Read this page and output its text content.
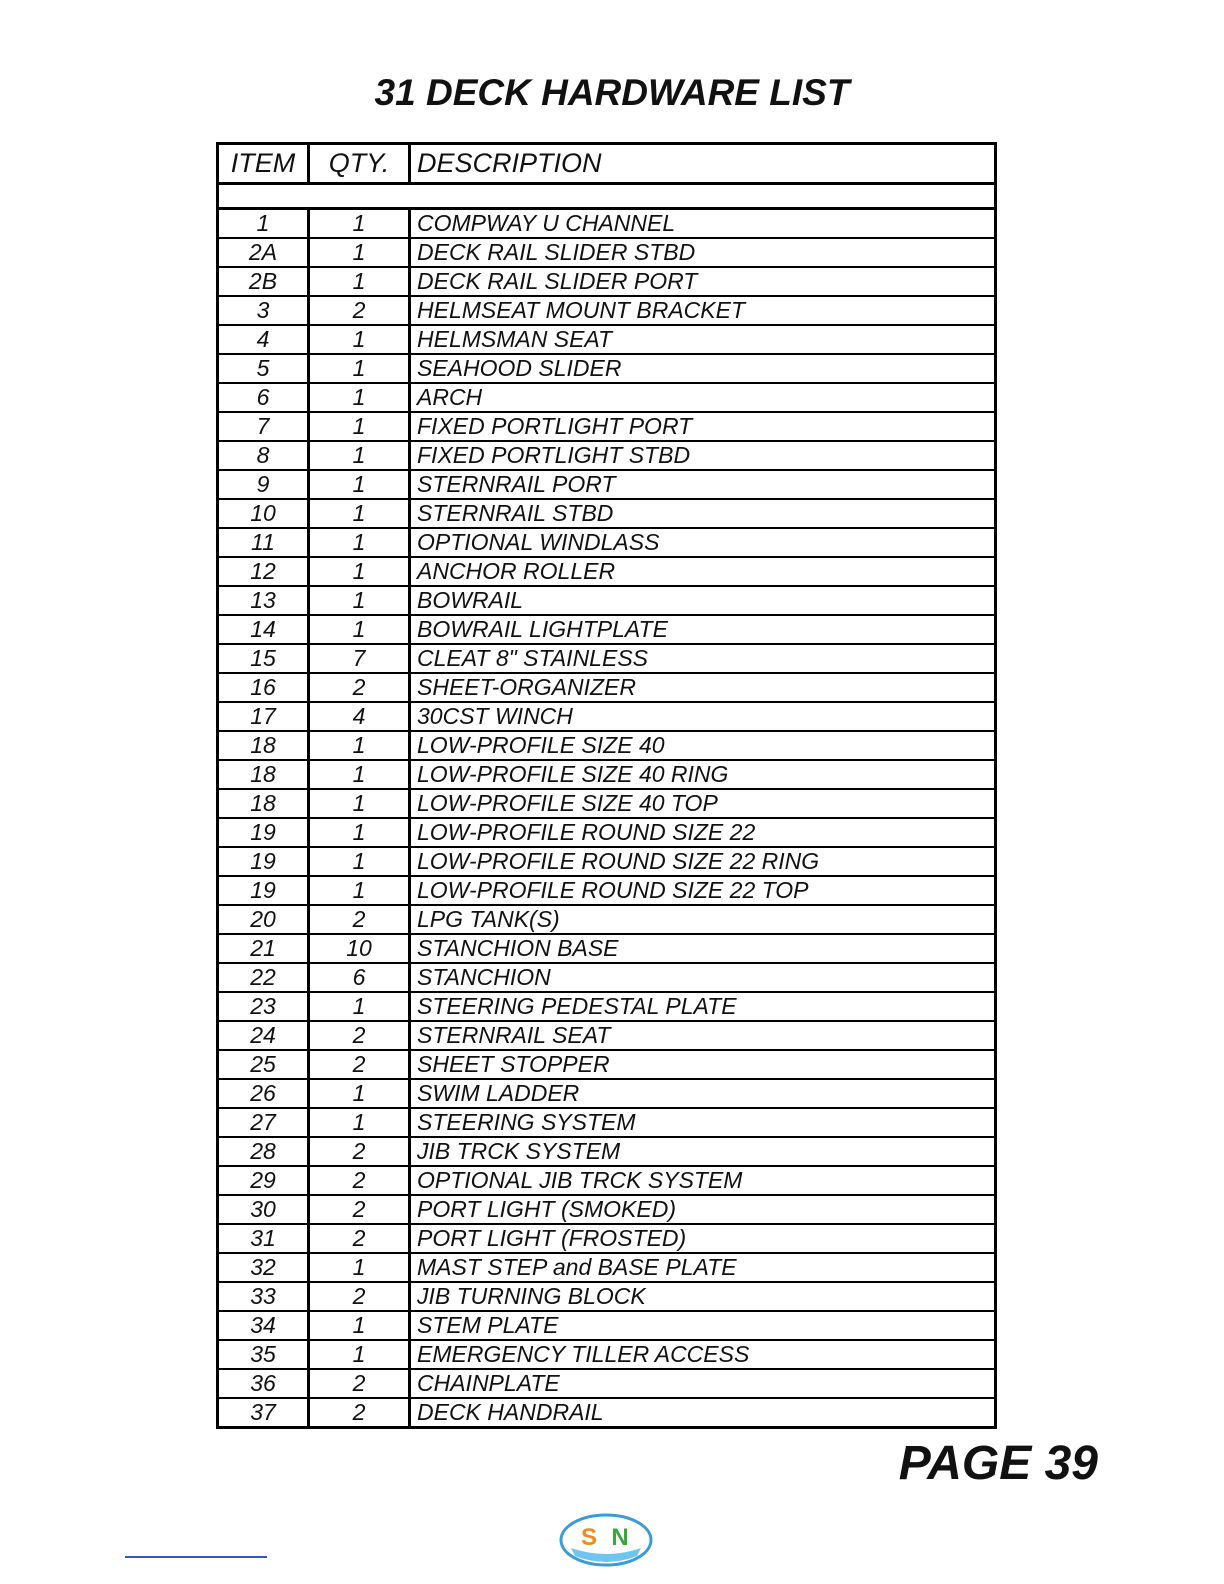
31 DECK HARDWARE LIST
ITEM	QTY.	DESCRIPTION

1	1	COMPWAY U CHANNEL
2A	1	DECK RAIL SLIDER STBD
2B	1	DECK RAIL SLIDER PORT
3	2	HELMSEAT MOUNT BRACKET
4	1	HELMSMAN SEAT
5	1	SEAHOOD SLIDER
6	1	ARCH
7	1	FIXED PORTLIGHT PORT
8	1	FIXED PORTLIGHT STBD
9	1	STERNRAIL PORT
10	1	STERNRAIL STBD
11	1	OPTIONAL WINDLASS
12	1	ANCHOR ROLLER
13	1	BOWRAIL
14	1	BOWRAIL LIGHTPLATE
15	7	CLEAT 8" STAINLESS
16	2	SHEET-ORGANIZER
17	4	30CST WINCH
18	1	LOW-PROFILE SIZE 40
18	1	LOW-PROFILE SIZE 40 RING
18	1	LOW-PROFILE SIZE 40 TOP
19	1	LOW-PROFILE ROUND SIZE 22
19	1	LOW-PROFILE ROUND SIZE 22 RING
19	1	LOW-PROFILE ROUND SIZE 22 TOP
20	2	LPG TANK(S)
21	10	STANCHION BASE
22	6	STANCHION
23	1	STEERING PEDESTAL PLATE
24	2	STERNRAIL SEAT
25	2	SHEET STOPPER
26	1	SWIM LADDER
27	1	STEERING SYSTEM
28	2	JIB TRCK SYSTEM
29	2	OPTIONAL JIB TRCK SYSTEM
30	2	PORT LIGHT (SMOKED)
31	2	PORT LIGHT (FROSTED)
32	1	MAST STEP and BASE PLATE
33	2	JIB TURNING BLOCK
34	1	STEM PLATE
35	1	EMERGENCY TILLER ACCESS
36	2	CHAINPLATE
37	2	DECK HANDRAIL
PAGE 39
S N
